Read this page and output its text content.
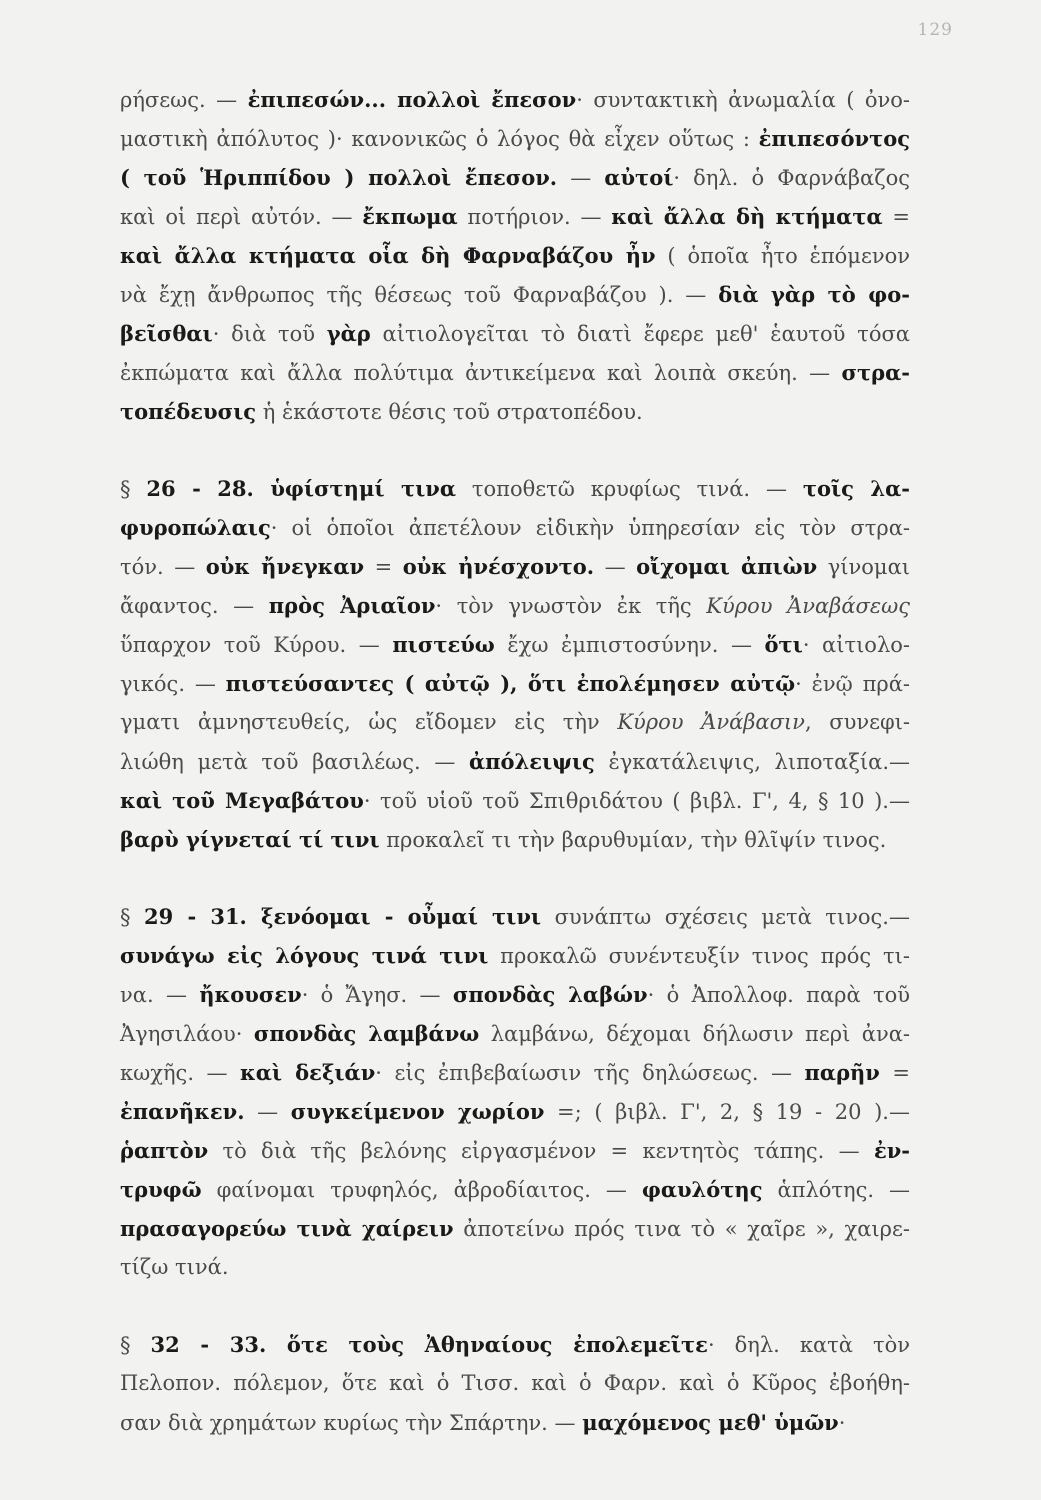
129
ρήσεως. — ἐπιπεσών... πολλοὶ ἔπεσον· συντακτικὴ ἀνωμαλία ( ὀνο-
μαστικὴ ἀπόλυτος )· κανονικῶς ὁ λόγος θὰ εἶχεν οὕτως : ἐπιπεσόντος
( τοῦ Ἡριππίδου ) πολλοὶ ἔπεσον. — αὐτοί· δηλ. ὁ Φαρνάβαζος
καὶ οἱ περὶ αὐτόν. — ἔκπωμα ποτήριον. — καὶ ἄλλα δὴ κτήματα =
καὶ ἄλλα κτήματα οἷα δὴ Φαρναβάζου ἦν ( ὁποῖα ἦτο ἑπόμενον
νὰ ἔχῃ ἄνθρωπος τῆς θέσεως τοῦ Φαρναβάζου ). — διὰ γὰρ τὸ φο-
βεῖσθαι· διὰ τοῦ γὰρ αἰτιολογεῖται τὸ διατὶ ἔφερε μεθ' ἑαυτοῦ τόσα
ἐκπώματα καὶ ἄλλα πολύτιμα ἀντικείμενα καὶ λοιπὰ σκεύη. — στρα-
τοπέδευσις ἡ ἑκάστοτε θέσις τοῦ στρατοπέδου.
§ 26 - 28. ὑφίστημί τινα τοποθετῶ κρυφίως τινά. — τοῖς λα-
φυροπώλαις· οἱ ὁποῖοι ἀπετέλουν εἰδικὴν ὑπηρεσίαν εἰς τὸν στρα-
τόν. — οὐκ ἤνεγκαν = οὐκ ἠνέσχοντο. — οἴχομαι ἀπιὼν γίνομαι
ἄφαντος. — πρὸς Ἀριαῖον· τὸν γνωστὸν ἐκ τῆς Κύρου Ἀναβάσεως
ὕπαρχον τοῦ Κύρου. — πιστεύω ἔχω ἐμπιστοσύνην. — ὅτι· αἰτιολο-
γικός. — πιστεύσαντες ( αὐτῷ ), ὅτι ἐπολέμησεν αὐτῷ· ἐνῷ πρά-
γματι ἀμνηστευθείς, ὡς εἴδομεν εἰς τὴν Κύρου Ἀνάβασιν, συνεφι-
λιώθη μετὰ τοῦ βασιλέως. — ἀπόλειψις ἐγκατάλειψις, λιποταξία.—
καὶ τοῦ Μεγαβάτου· τοῦ υἱοῦ τοῦ Σπιθριδάτου ( βιβλ. Γ', 4, § 10 ).—
βαρὺ γίγνεταί τί τινι προκαλεῖ τι τὴν βαρυθυμίαν, τὴν θλῖψίν τινος.
§ 29 - 31. ξενόομαι - οὖμαί τινι συνάπτω σχέσεις μετὰ τινος.—
συνάγω εἰς λόγους τινά τινι προκαλῶ συνέντευξίν τινος πρός τι-
να. — ἤκουσεν· ὁ Ἄγησ. — σπονδὰς λαβών· ὁ Ἀπολλοφ. παρὰ τοῦ
Ἀγησιλάου· σπονδὰς λαμβάνω λαμβάνω, δέχομαι δήλωσιν περὶ ἀνα-
κωχῆς. — καὶ δεξιάν· εἰς ἐπιβεβαίωσιν τῆς δηλώσεως. — παρῆν =
ἐπανῆκεν. — συγκείμενον χωρίον =; ( βιβλ. Γ', 2, § 19 - 20 ).—
ῥαπτὸν τὸ διὰ τῆς βελόνης εἰργασμένον = κεντητὸς τάπης. — ἐν-
τρυφῶ φαίνομαι τρυφηλός, ἀβροδίαιτος. — φαυλότης ἁπλότης. —
πρασαγορεύω τινὰ χαίρειν ἀποτείνω πρός τινα τὸ « χαῖρε », χαιρε-
τίζω τινά.
§ 32 - 33. ὅτε τοὺς Ἀθηναίους ἐπολεμεῖτε· δηλ. κατὰ τὸν
Πελοπον. πόλεμον, ὅτε καὶ ὁ Τισσ. καὶ ὁ Φαρν. καὶ ὁ Κῦρος ἐβοήθη-
σαν διὰ χρημάτων κυρίως τὴν Σπάρτην. — μαχόμενος μεθ' ὑμῶν·
